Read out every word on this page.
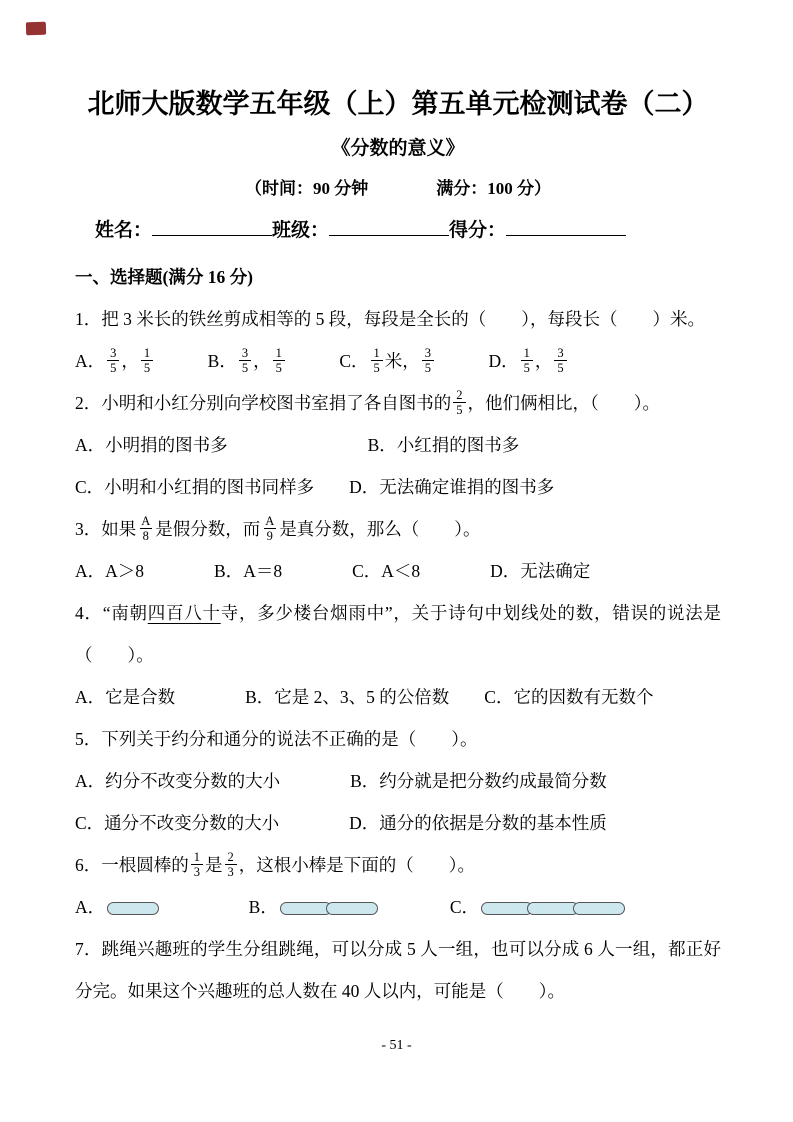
北师大版数学五年级（上）第五单元检测试卷（二）
《分数的意义》
（时间：90 分钟　　　　满分：100 分）
姓名：	班级：	得分：
一、选择题(满分 16 分)
1．把 3 米长的铁丝剪成相等的 5 段，每段是全长的（　　），每段长（　　）米。
A． $\frac{3}{5}$ ， $\frac{1}{5}$ 　　　B． $\frac{3}{5}$ ， $\frac{1}{5}$ 　　　C． $\frac{1}{5}$ 米， $\frac{3}{5}$ 　　　D． $\frac{1}{5}$ ， $\frac{3}{5}$
2．小明和小红分别向学校图书室捐了各自图书的 $\frac{2}{5}$ ，他们俩相比，（　　）。
A．小明捐的图书多　　　　　　　　B．小红捐的图书多
C．小明和小红捐的图书同样多　　D．无法确定谁捐的图书多
3．如果 $\frac{A}{8}$ 是假分数，而 $\frac{A}{9}$ 是真分数，那么（　　）。
A．A＞8　　　　B．A＝8　　　　C．A＜8　　　　D．无法确定
4．“南朝四百八十寺，多少楼台烟雨中”，关于诗句中划线处的数，错误的说法是（　　）。
A．它是合数　　　　B．它是 2、3、5 的公倍数　　C．它的因数有无数个
5．下列关于约分和通分的说法不正确的是（　　）。
A．约分不改变分数的大小　　　　B．约分就是把分数约成最简分数
C．通分不改变分数的大小　　　　D．通分的依据是分数的基本性质
6．一根圆棒的 $\frac{1}{3}$ 是 $\frac{2}{3}$ ，这根小棒是下面的（　　）。
A．	　　　　　B．	　　　　C．
7．跳绳兴趣班的学生分组跳绳，可以分成 5 人一组，也可以分成 6 人一组，都正好分完。如果这个兴趣班的总人数在 40 人以内，可能是（　　）。
- 51 -
